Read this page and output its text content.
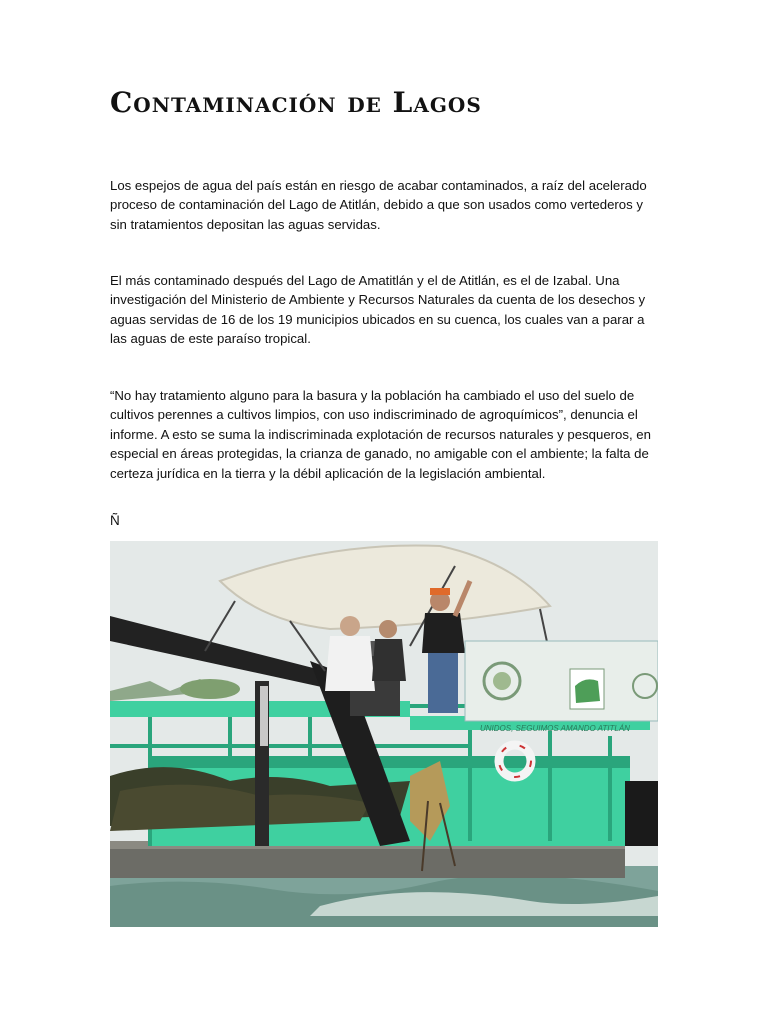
Contaminación de Lagos
Los espejos de agua del país están en riesgo de acabar contaminados, a raíz del acelerado proceso de contaminación del Lago de Atitlán, debido a que son usados como vertederos y sin tratamientos depositan las aguas servidas.
El más contaminado después del Lago de Amatitlán y el de Atitlán, es el de Izabal. Una investigación del Ministerio de Ambiente y Recursos Naturales da cuenta de los desechos y aguas servidas de 16 de los 19 municipios ubicados en su cuenca, los cuales van a parar a las aguas de este paraíso tropical.
“No hay tratamiento alguno para la basura y la población ha cambiado el uso del suelo de cultivos perennes a cultivos limpios, con uso indiscriminado de agroquímicos”, denuncia el informe. A esto se suma la indiscriminada explotación de recursos naturales y pesqueros, en especial en áreas protegidas, la crianza de ganado, no amigable con el ambiente; la falta de certeza jurídica en la tierra y la débil aplicación de la legislación ambiental.
Ñ
UNIDOS, SEGUIMOS AMANDO ATITLÁN
